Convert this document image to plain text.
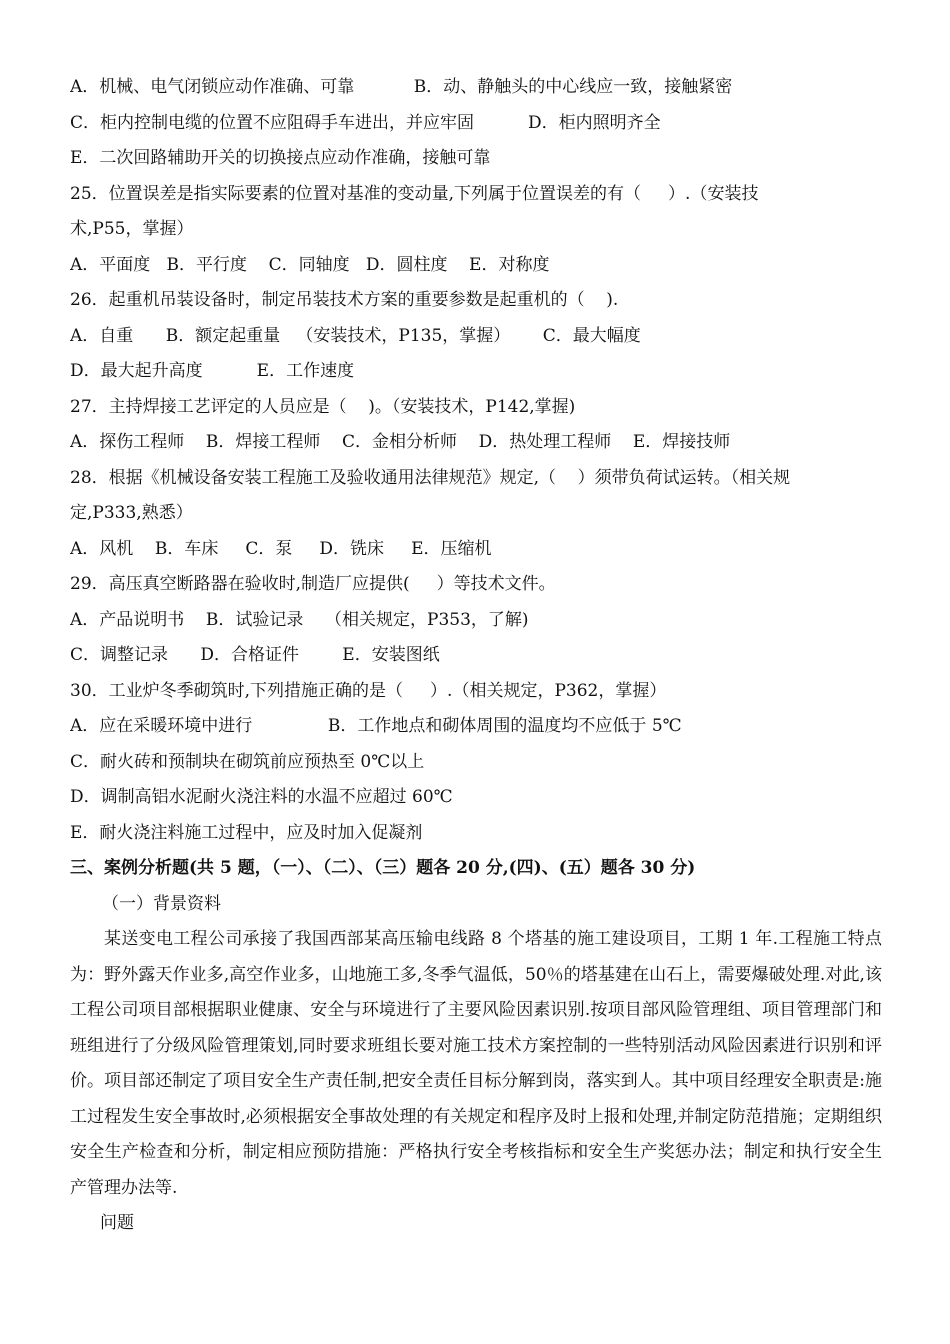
A．机械、电气闭锁应动作准确、可靠           B．动、静触头的中心线应一致，接触紧密
C．柜内控制电缆的位置不应阻碍手车进出，并应牢固          D．柜内照明齐全
E．二次回路辅助开关的切换接点应动作准确，接触可靠
25．位置误差是指实际要素的位置对基准的变动量,下列属于位置误差的有（     ）.（安装技
术,P55，掌握）
A．平面度   B．平行度    C．同轴度   D．圆柱度    E．对称度
26．起重机吊装设备时，制定吊装技术方案的重要参数是起重机的（    ).
A．自重      B．额定起重量   （安装技术，P135，掌握）      C．最大幅度
D．最大起升高度          E．工作速度
27．主持焊接工艺评定的人员应是（    )。（安装技术，P142,掌握)
A．探伤工程师    B．焊接工程师    C．金相分析师    D．热处理工程师    E．焊接技师
28．根据《机械设备安装工程施工及验收通用法律规范》规定,（    ）须带负荷试运转。（相关规
定,P333,熟悉）
A．风机    B．车床     C．泵     D．铣床     E．压缩机
29．高压真空断路器在验收时,制造厂应提供(     ）等技术文件。
A．产品说明书    B．试验记录    （相关规定，P353，了解)
C．调整记录      D．合格证件        E．安装图纸
30．工业炉冬季砌筑时,下列措施正确的是（     ）.（相关规定，P362，掌握）
A．应在采暖环境中进行              B．工作地点和砌体周围的温度均不应低于 5℃
C．耐火砖和预制块在砌筑前应预热至 0℃以上
D．调制高铝水泥耐火浇注料的水温不应超过 60℃
E．耐火浇注料施工过程中，应及时加入促凝剂
三、案例分析题(共 5 题，（一）、（二）、（三）题各 20 分,(四)、(五）题各 30 分)
（一）背景资料
某送变电工程公司承接了我国西部某高压输电线路 8 个塔基的施工建设项目，工期 1 年.工程施工特点为：野外露天作业多,高空作业多，山地施工多,冬季气温低，50％的塔基建在山石上，需要爆破处理.对此,该工程公司项目部根据职业健康、安全与环境进行了主要风险因素识别.按项目部风险管理组、项目管理部门和班组进行了分级风险管理策划,同时要求班组长要对施工技术方案控制的一些特别活动风险因素进行识别和评价。项目部还制定了项目安全生产责任制,把安全责任目标分解到岗，落实到人。其中项目经理安全职责是:施工过程发生安全事故时,必须根据安全事故处理的有关规定和程序及时上报和处理,并制定防范措施；定期组织安全生产检查和分析，制定相应预防措施：严格执行安全考核指标和安全生产奖惩办法；制定和执行安全生产管理办法等.
问题
